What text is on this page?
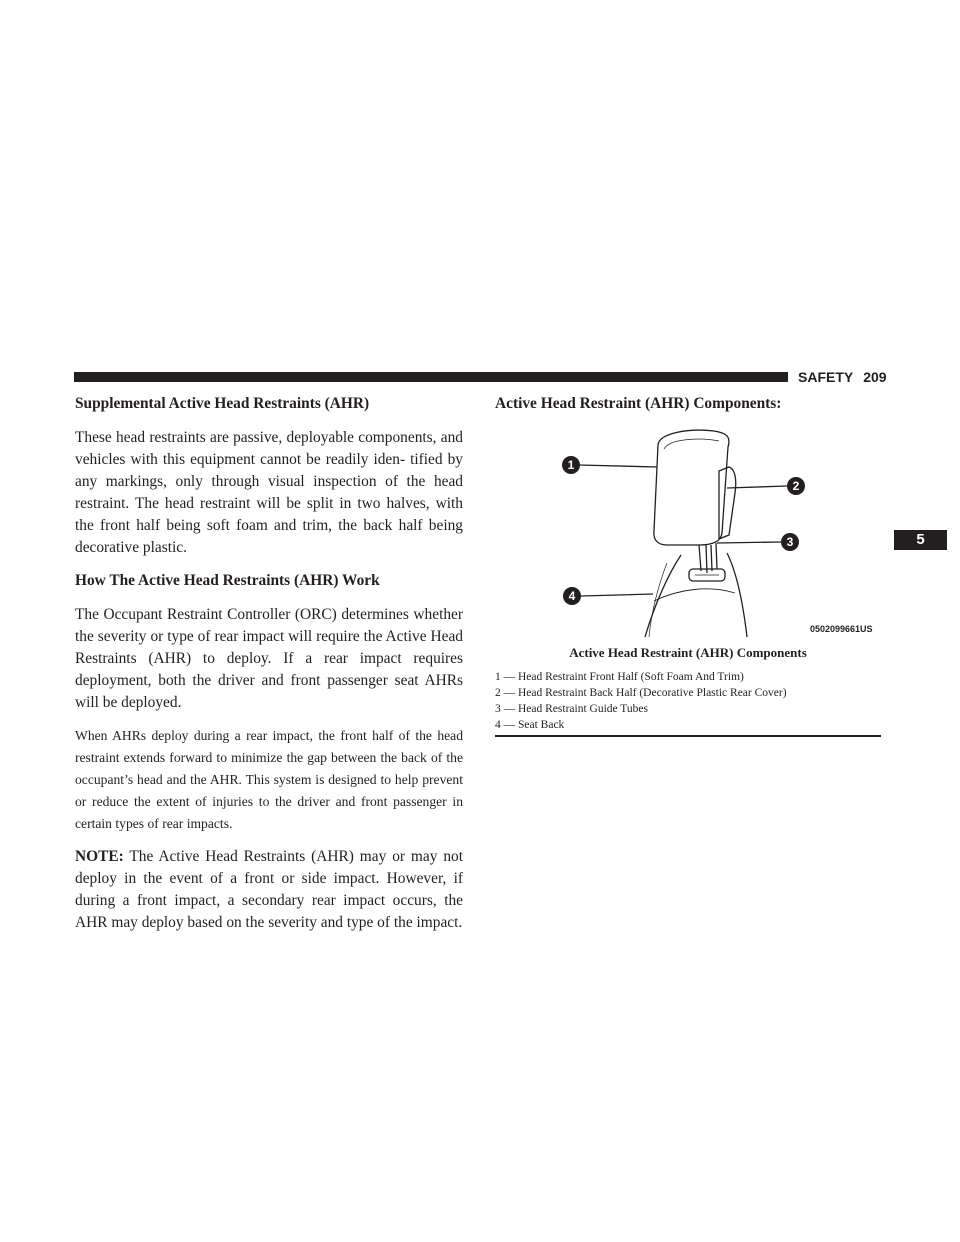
SAFETY 209
5
Supplemental Active Head Restraints (AHR)

These head restraints are passive, deployable components, and vehicles with this equipment cannot be readily iden- tified by any markings, only through visual inspection of the head restraint. The head restraint will be split in two halves, with the front half being soft foam and trim, the back half being decorative plastic.

How The Active Head Restraints (AHR) Work

The Occupant Restraint Controller (ORC) determines whether the severity or type of rear impact will require the Active Head Restraints (AHR) to deploy. If a rear impact requires deployment, both the driver and front passenger seat AHRs will be deployed.

When AHRs deploy during a rear impact, the front half of the head restraint extends forward to minimize the gap between the back of the occupant’s head and the AHR. This system is designed to help prevent or reduce the extent of injuries to the driver and front passenger in certain types of rear impacts.

NOTE: The Active Head Restraints (AHR) may or may not deploy in the event of a front or side impact. However, if during a front impact, a secondary rear impact occurs, the AHR may deploy based on the severity and type of the impact.

Active Head Restraint (AHR) Components:
1
2
3
4
0502099661US
Active Head Restraint (AHR) Components
1 — Head Restraint Front Half (Soft Foam And Trim)
2 — Head Restraint Back Half (Decorative Plastic Rear Cover)
3 — Head Restraint Guide Tubes
4 — Seat Back
